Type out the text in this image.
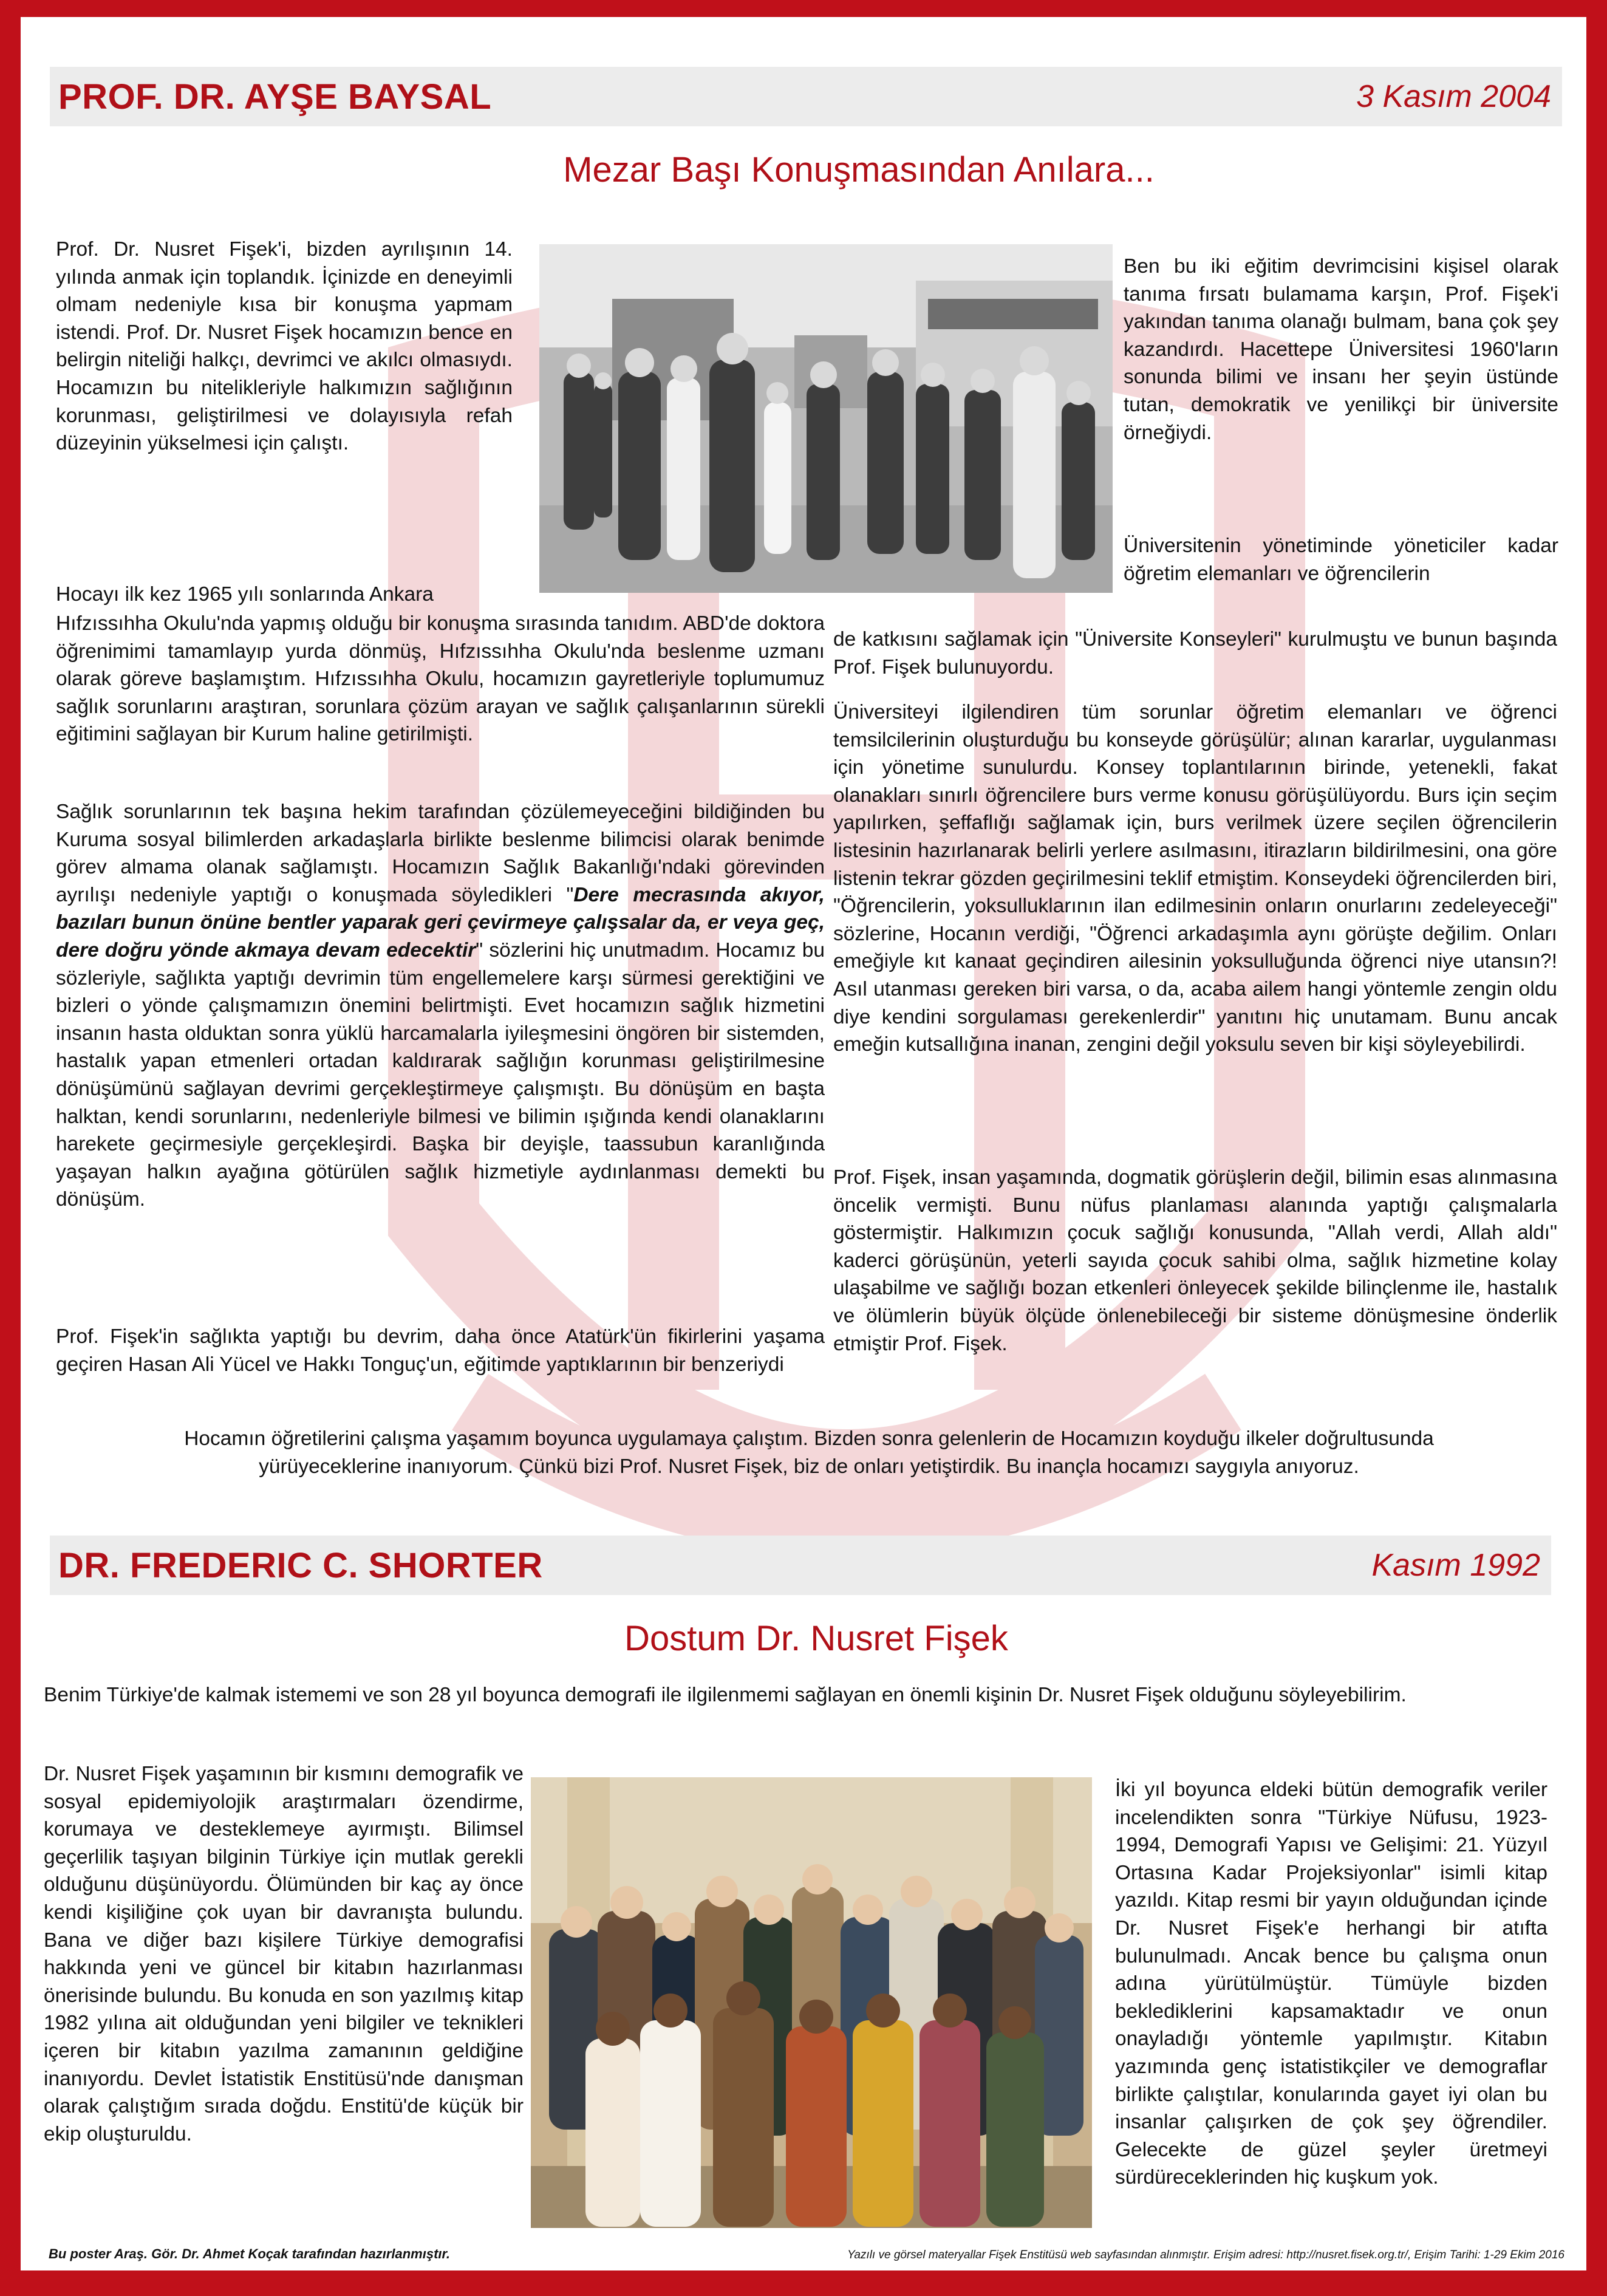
PROF. DR. AYŞE BAYSAL	3 Kasım 2004
Mezar Başı Konuşmasından Anılara...

Prof. Dr. Nusret Fişek'i, bizden ayrılışının 14. yılında anmak için toplandık. İçinizde en deneyimli olmam nedeniyle kısa bir konuşma yapmam istendi. Prof. Dr. Nusret Fişek hocamızın bence en belirgin niteliği halkçı, devrimci ve akılcı olmasıydı. Hocamızın bu nitelikleriyle halkımızın sağlığının korunması, geliştirilmesi ve dolayısıyla refah düzeyinin yükselmesi için çalıştı.

Hocayı ilk kez 1965 yılı sonlarında Ankara

Ben bu iki eğitim devrimcisini kişisel olarak tanıma fırsatı bulamama karşın, Prof. Fişek'i yakından tanıma olanağı bulmam, bana çok şey kazandırdı. Hacettepe Üniversitesi 1960'ların sonunda bilimi ve insanı her şeyin üstünde tutan, demokratik ve yenilikçi bir üniversite örneğiydi.

Üniversitenin yönetiminde yöneticiler kadar öğretim elemanları ve öğrencilerin

Hıfzıssıhha Okulu'nda yapmış olduğu bir konuşma sırasında tanıdım. ABD'de doktora öğrenimimi tamamlayıp yurda dönmüş, Hıfzıssıhha Okulu'nda beslenme uzmanı olarak göreve başlamıştım. Hıfzıssıhha Okulu, hocamızın gayretleriyle toplumumuz sağlık sorunlarını araştıran, sorunlara çözüm arayan ve sağlık çalışanlarının sürekli eğitimini sağlayan bir Kurum haline getirilmişti.

Sağlık sorunlarının tek başına hekim tarafından çözülemeyeceğini bildiğinden bu Kuruma sosyal bilimlerden arkadaşlarla birlikte beslenme bilimcisi olarak benimde görev almama olanak sağlamıştı. Hocamızın Sağlık Bakanlığı'ndaki görevinden ayrılışı nedeniyle yaptığı o konuşmada söyledikleri "Dere mecrasında akıyor, bazıları bunun önüne bentler yaparak geri çevirmeye çalışsalar da, er veya geç, dere doğru yönde akmaya devam edecektir" sözlerini hiç unutmadım. Hocamız bu sözleriyle, sağlıkta yaptığı devrimin tüm engellemelere karşı sürmesi gerektiğini ve bizleri o yönde çalışmamızın önemini belirtmişti. Evet hocamızın sağlık hizmetini insanın hasta olduktan sonra yüklü harcamalarla iyileşmesini öngören bir sistemden, hastalık yapan etmenleri ortadan kaldırarak sağlığın korunması geliştirilmesine dönüşümünü sağlayan devrimi gerçekleştirmeye çalışmıştı. Bu dönüşüm en başta halktan, kendi sorunlarını, nedenleriyle bilmesi ve bilimin ışığında kendi olanaklarını harekete geçirmesiyle gerçekleşirdi. Başka bir deyişle, taassubun karanlığında yaşayan halkın ayağına götürülen sağlık hizmetiyle aydınlanması demekti bu dönüşüm.

Prof. Fişek'in sağlıkta yaptığı bu devrim, daha önce Atatürk'ün fikirlerini yaşama geçiren Hasan Ali Yücel ve Hakkı Tonguç'un, eğitimde yaptıklarının bir benzeriydi

de katkısını sağlamak için "Üniversite Konseyleri" kurulmuştu ve bunun başında Prof. Fişek bulunuyordu.

Üniversiteyi ilgilendiren tüm sorunlar öğretim elemanları ve öğrenci temsilcilerinin oluşturduğu bu konseyde görüşülür; alınan kararlar, uygulanması için yönetime sunulurdu. Konsey toplantılarının birinde, yetenekli, fakat olanakları sınırlı öğrencilere burs verme konusu görüşülüyordu. Burs için seçim yapılırken, şeffaflığı sağlamak için, burs verilmek üzere seçilen öğrencilerin listesinin hazırlanarak belirli yerlere asılmasını, itirazların bildirilmesini, ona göre listenin tekrar gözden geçirilmesini teklif etmiştim. Konseydeki öğrencilerden biri, "Öğrencilerin, yoksulluklarının ilan edilmesinin onların onurlarını zedeleyeceği" sözlerine, Hocanın verdiği, "Öğrenci arkadaşımla aynı görüşte değilim. Onları emeğiyle kıt kanaat geçindiren ailesinin yoksulluğunda öğrenci niye utansın?! Asıl utanması gereken biri varsa, o da, acaba ailem hangi yöntemle zengin oldu diye kendini sorgulaması gerekenlerdir" yanıtını hiç unutamam. Bunu ancak emeğin kutsallığına inanan, zengini değil yoksulu seven bir kişi söyleyebilirdi.

Prof. Fişek, insan yaşamında, dogmatik görüşlerin değil, bilimin esas alınmasına öncelik vermişti. Bunu nüfus planlaması alanında yaptığı çalışmalarla göstermiştir. Halkımızın çocuk sağlığı konusunda, "Allah verdi, Allah aldı" kaderci görüşünün, yeterli sayıda çocuk sahibi olma, sağlık hizmetine kolay ulaşabilme ve sağlığı bozan etkenleri önleyecek şekilde bilinçlenme ile, hastalık ve ölümlerin büyük ölçüde önlenebileceği bir sisteme dönüşmesine önderlik etmiştir Prof. Fişek.

Hocamın öğretilerini çalışma yaşamım boyunca uygulamaya çalıştım. Bizden sonra gelenlerin de Hocamızın koyduğu ilkeler doğrultusunda

yürüyeceklerine inanıyorum. Çünkü bizi Prof. Nusret Fişek, biz de onları yetiştirdik. Bu inançla hocamızı saygıyla anıyoruz.

DR. FREDERIC C. SHORTER	Kasım 1992
Dostum Dr. Nusret Fişek

Benim Türkiye'de kalmak istememi ve son 28 yıl boyunca demografi ile ilgilenmemi sağlayan en önemli kişinin Dr. Nusret Fişek olduğunu söyleyebilirim.

Dr. Nusret Fişek yaşamının bir kısmını demografik ve sosyal epidemiyolojik araştırmaları özendirme, korumaya ve desteklemeye ayırmıştı. Bilimsel geçerlilik taşıyan bilginin Türkiye için mutlak gerekli olduğunu düşünüyordu. Ölümünden bir kaç ay önce kendi kişiliğine çok uyan bir davranışta bulundu. Bana ve diğer bazı kişilere Türkiye demografisi hakkında yeni ve güncel bir kitabın hazırlanması önerisinde bulundu. Bu konuda en son yazılmış kitap 1982 yılına ait olduğundan yeni bilgiler ve teknikleri içeren bir kitabın yazılma zamanının geldiğine inanıyordu. Devlet İstatistik Enstitüsü'nde danışman olarak çalıştığım sırada doğdu. Enstitü'de küçük bir ekip oluşturuldu.

İki yıl boyunca eldeki bütün demografik veriler incelendikten sonra "Türkiye Nüfusu, 1923-1994, Demografi Yapısı ve Gelişimi: 21. Yüzyıl Ortasına Kadar Projeksiyonlar" isimli kitap yazıldı. Kitap resmi bir yayın olduğundan içinde Dr. Nusret Fişek'e herhangi bir atıfta bulunulmadı. Ancak bence bu çalışma onun adına yürütülmüştür. Tümüyle bizden beklediklerini kapsamaktadır ve onun onayladığı yöntemle yapılmıştır. Kitabın yazımında genç istatistikçiler ve demograflar birlikte çalıştılar, konularında gayet iyi olan bu insanlar çalışırken de çok şey öğrendiler. Gelecekte de güzel şeyler üretmeyi sürdüreceklerinden hiç kuşkum yok.

Bu poster Araş. Gör. Dr. Ahmet Koçak tarafından hazırlanmıştır.	Yazılı ve görsel materyallar Fişek Enstitüsü web sayfasından alınmıştır. Erişim adresi: http://nusret.fisek.org.tr/, Erişim Tarihi: 1-29 Ekim 2016
